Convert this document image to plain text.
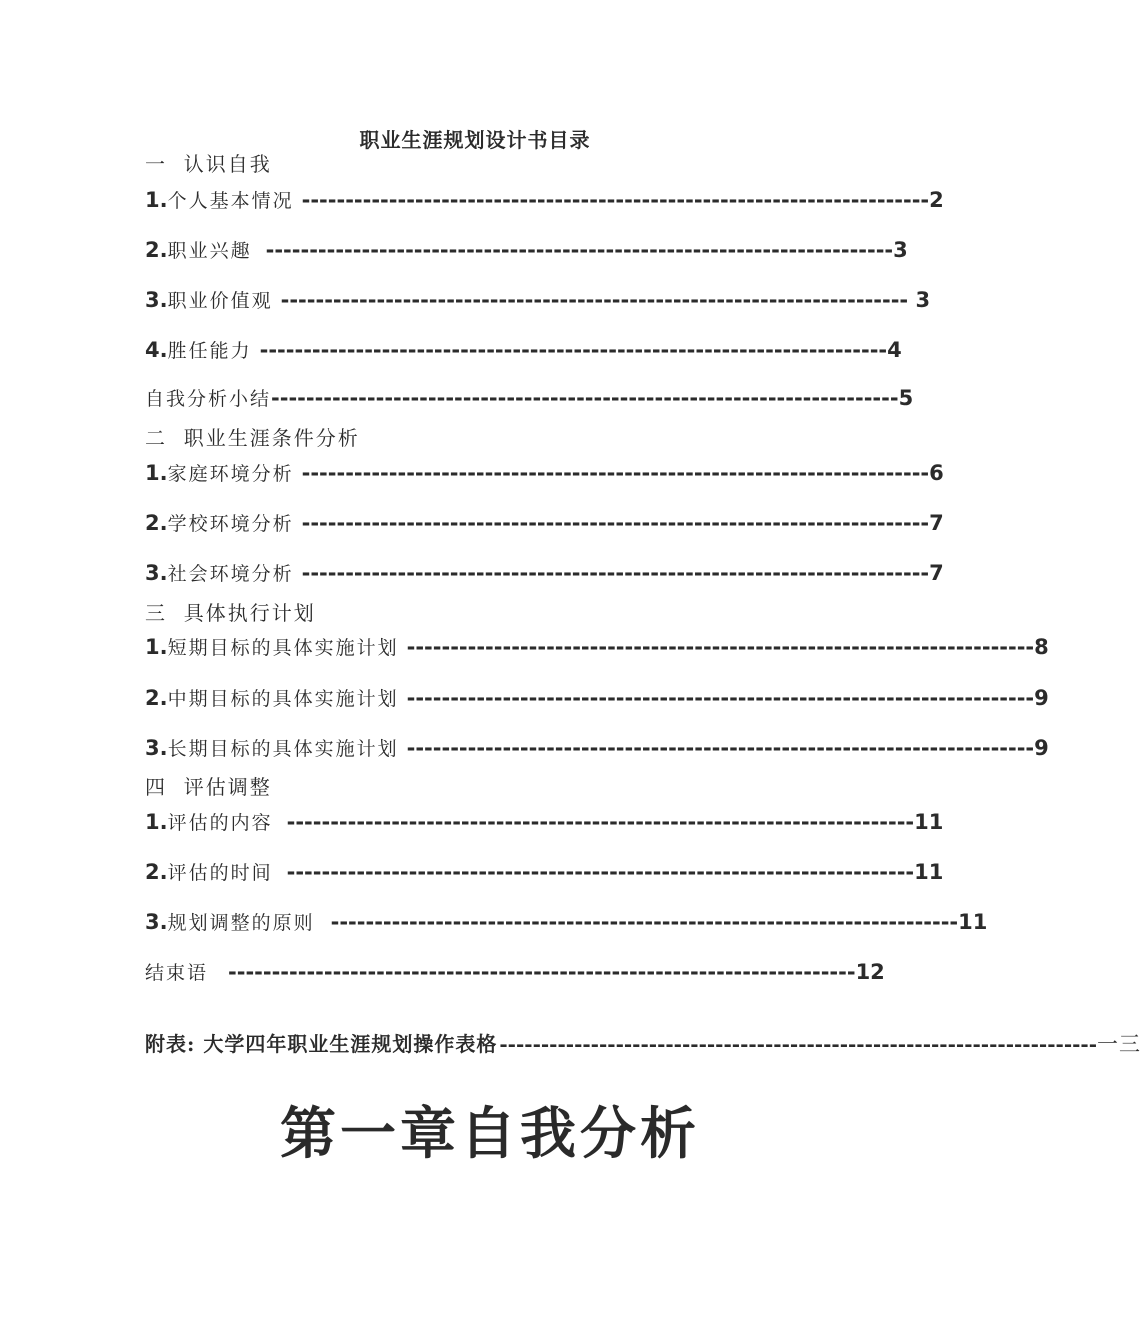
职业生涯规划设计书目录
一  认识自我
1. 个人基本情况 ------------------------------------------------------------------------ 2
2. 职业兴趣 ------------------------------------------------------------------------ 3
3. 职业价值观 ------------------------------------------------------------------------ 3
4. 胜任能力 ------------------------------------------------------------------------ 4
自我分析小结 ------------------------------------------------------------------------ 5
二  职业生涯条件分析
1. 家庭环境分析 ------------------------------------------------------------------------ 6
2. 学校环境分析 ------------------------------------------------------------------------ 7
3. 社会环境分析 ------------------------------------------------------------------------ 7
三  具体执行计划
1. 短期目标的具体实施计划 ------------------------------------------------------------------------ 8
2. 中期目标的具体实施计划 ------------------------------------------------------------------------ 9
3. 长期目标的具体实施计划 ------------------------------------------------------------------------ 9
四  评估调整
1. 评估的内容 ------------------------------------------------------------------------ 11
2. 评估的时间 ------------------------------------------------------------------------ 11
3. 规划调整的原则 ------------------------------------------------------------------------ 11
结束语 ------------------------------------------------------------------------ 12
附表: 大学四年职业生涯规划操作表格 ------------------------------------------------------------------------ 一三
第一章自我分析
